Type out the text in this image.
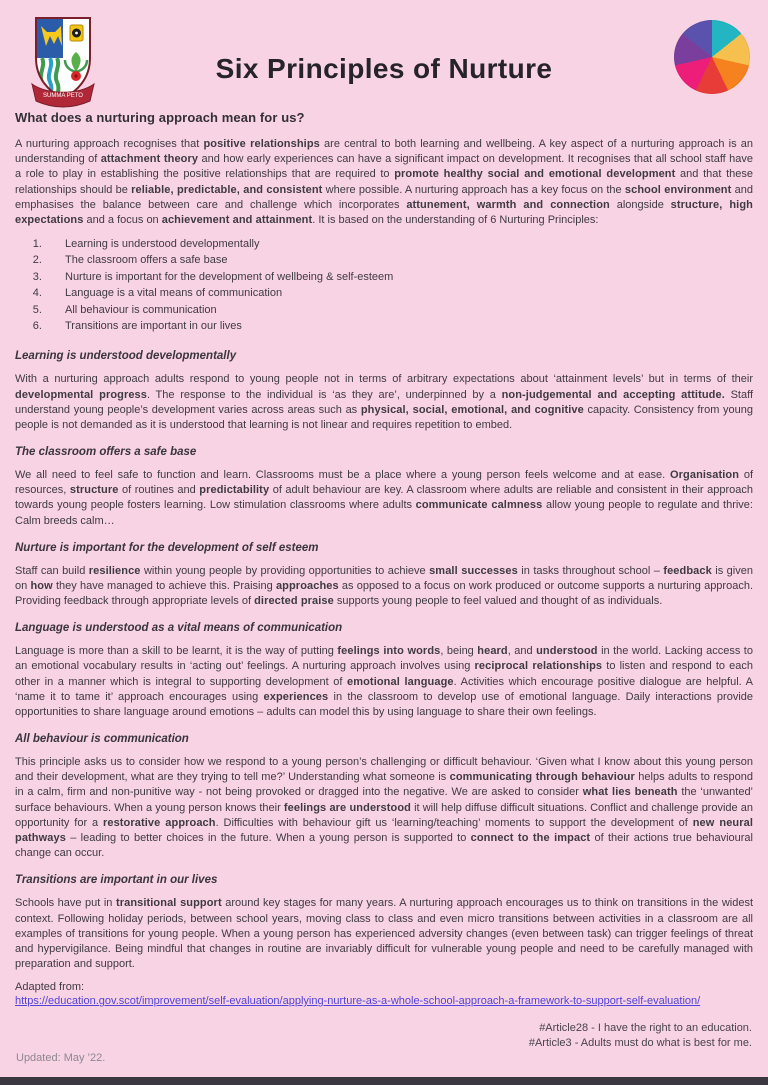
SUMMA PETO
Six Principles of Nurture
What does a nurturing approach mean for us?

A nurturing approach recognises that positive relationships are central to both learning and wellbeing. A key aspect of a nurturing approach is an understanding of attachment theory and how early experiences can have a significant impact on development. It recognises that all school staff have a role to play in establishing the positive relationships that are required to promote healthy social and emotional development and that these relationships should be reliable, predictable, and consistent where possible. A nurturing approach has a key focus on the school environment and emphasises the balance between care and challenge which incorporates attunement, warmth and connection alongside structure, high expectations and a focus on achievement and attainment. It is based on the understanding of 6 Nurturing Principles:

1. Learning is understood developmentally
2. The classroom offers a safe base
3. Nurture is important for the development of wellbeing & self-esteem
4. Language is a vital means of communication
5. All behaviour is communication
6. Transitions are important in our lives
Learning is understood developmentally

With a nurturing approach adults respond to young people not in terms of arbitrary expectations about ‘attainment levels’ but in terms of their developmental progress. The response to the individual is ‘as they are’, underpinned by a non-judgemental and accepting attitude. Staff understand young people’s development varies across areas such as physical, social, emotional, and cognitive capacity. Consistency from young people is not demanded as it is understood that learning is not linear and requires repetition to embed.

The classroom offers a safe base

We all need to feel safe to function and learn. Classrooms must be a place where a young person feels welcome and at ease. Organisation of resources, structure of routines and predictability of adult behaviour are key. A classroom where adults are reliable and consistent in their approach towards young people fosters learning. Low stimulation classrooms where adults communicate calmness allow young people to regulate and thrive: Calm breeds calm…

Nurture is important for the development of self esteem

Staff can build resilience within young people by providing opportunities to achieve small successes in tasks throughout school – feedback is given on how they have managed to achieve this. Praising approaches as opposed to a focus on work produced or outcome supports a nurturing approach. Providing feedback through appropriate levels of directed praise supports young people to feel valued and thought of as individuals.

Language is understood as a vital means of communication

Language is more than a skill to be learnt, it is the way of putting feelings into words, being heard, and understood in the world. Lacking access to an emotional vocabulary results in ‘acting out’ feelings. A nurturing approach involves using reciprocal relationships to listen and respond to each other in a manner which is integral to supporting development of emotional language. Activities which encourage positive dialogue are helpful. A ‘name it to tame it’ approach encourages using experiences in the classroom to develop use of emotional language. Daily interactions provide opportunities to share language around emotions – adults can model this by using language to share their own feelings.

All behaviour is communication

This principle asks us to consider how we respond to a young person’s challenging or difficult behaviour. ‘Given what I know about this young person and their development, what are they trying to tell me?’ Understanding what someone is communicating through behaviour helps adults to respond in a calm, firm and non-punitive way - not being provoked or dragged into the negative. We are asked to consider what lies beneath the ‘unwanted’ surface behaviours. When a young person knows their feelings are understood it will help diffuse difficult situations. Conflict and challenge provide an opportunity for a restorative approach. Difficulties with behaviour gift us ‘learning/teaching’ moments to support the development of new neural pathways – leading to better choices in the future. When a young person is supported to connect to the impact of their actions true behavioural change can occur.

Transitions are important in our lives

Schools have put in transitional support around key stages for many years. A nurturing approach encourages us to think on transitions in the widest context. Following holiday periods, between school years, moving class to class and even micro transitions between activities in a classroom are all examples of transitions for young people. When a young person has experienced adversity changes (even between task) can trigger feelings of threat and hypervigilance. Being mindful that changes in routine are invariably difficult for vulnerable young people and need to be carefully managed with preparation and support.

Adapted from:
https://education.gov.scot/improvement/self-evaluation/applying-nurture-as-a-whole-school-approach-a-framework-to-support-self-evaluation/
#Article28 - I have the right to an education.
#Article3 - Adults must do what is best for me.
Updated: May ’22.
